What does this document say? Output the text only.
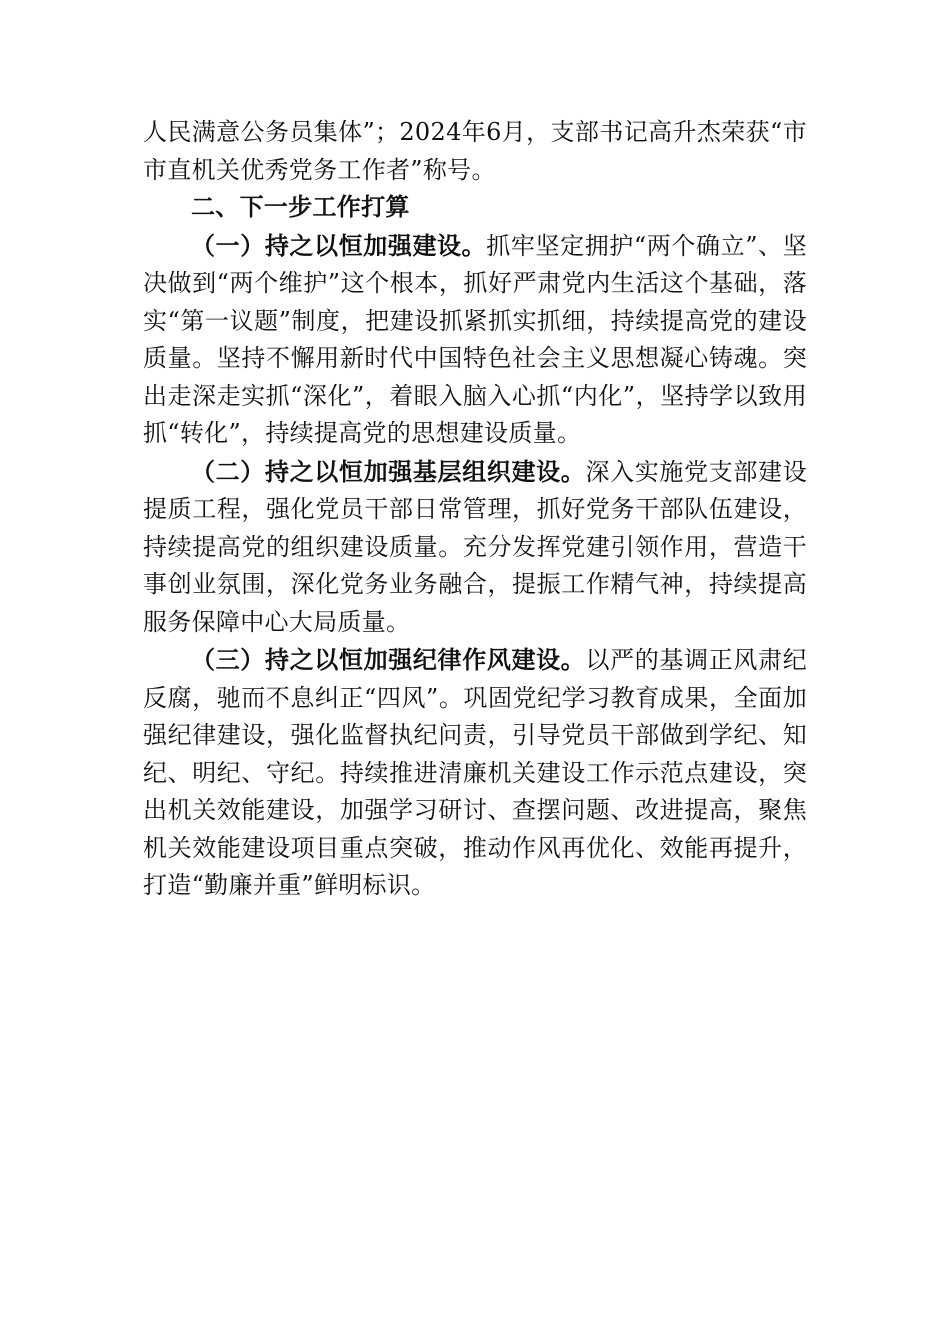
人民满意公务员集体”；2024年6月，支部书记高升杰荣获“市市直机关优秀党务工作者”称号。

二、下一步工作打算

（一）持之以恒加强建设。抓牢坚定拥护“两个确立”、坚决做到“两个维护”这个根本，抓好严肃党内生活这个基础，落实“第一议题”制度，把建设抓紧抓实抓细，持续提高党的建设质量。坚持不懈用新时代中国特色社会主义思想凝心铸魂。突出走深走实抓“深化”，着眼入脑入心抓“内化”，坚持学以致用抓“转化”，持续提高党的思想建设质量。

（二）持之以恒加强基层组织建设。深入实施党支部建设提质工程，强化党员干部日常管理，抓好党务干部队伍建设，持续提高党的组织建设质量。充分发挥党建引领作用，营造干事创业氛围，深化党务业务融合，提振工作精气神，持续提高服务保障中心大局质量。

（三）持之以恒加强纪律作风建设。以严的基调正风肃纪反腐，驰而不息纠正“四风”。巩固党纪学习教育成果，全面加强纪律建设，强化监督执纪问责，引导党员干部做到学纪、知纪、明纪、守纪。持续推进清廉机关建设工作示范点建设，突出机关效能建设，加强学习研讨、查摆问题、改进提高，聚焦机关效能建设项目重点突破，推动作风再优化、效能再提升，打造“勤廉并重”鲜明标识。
